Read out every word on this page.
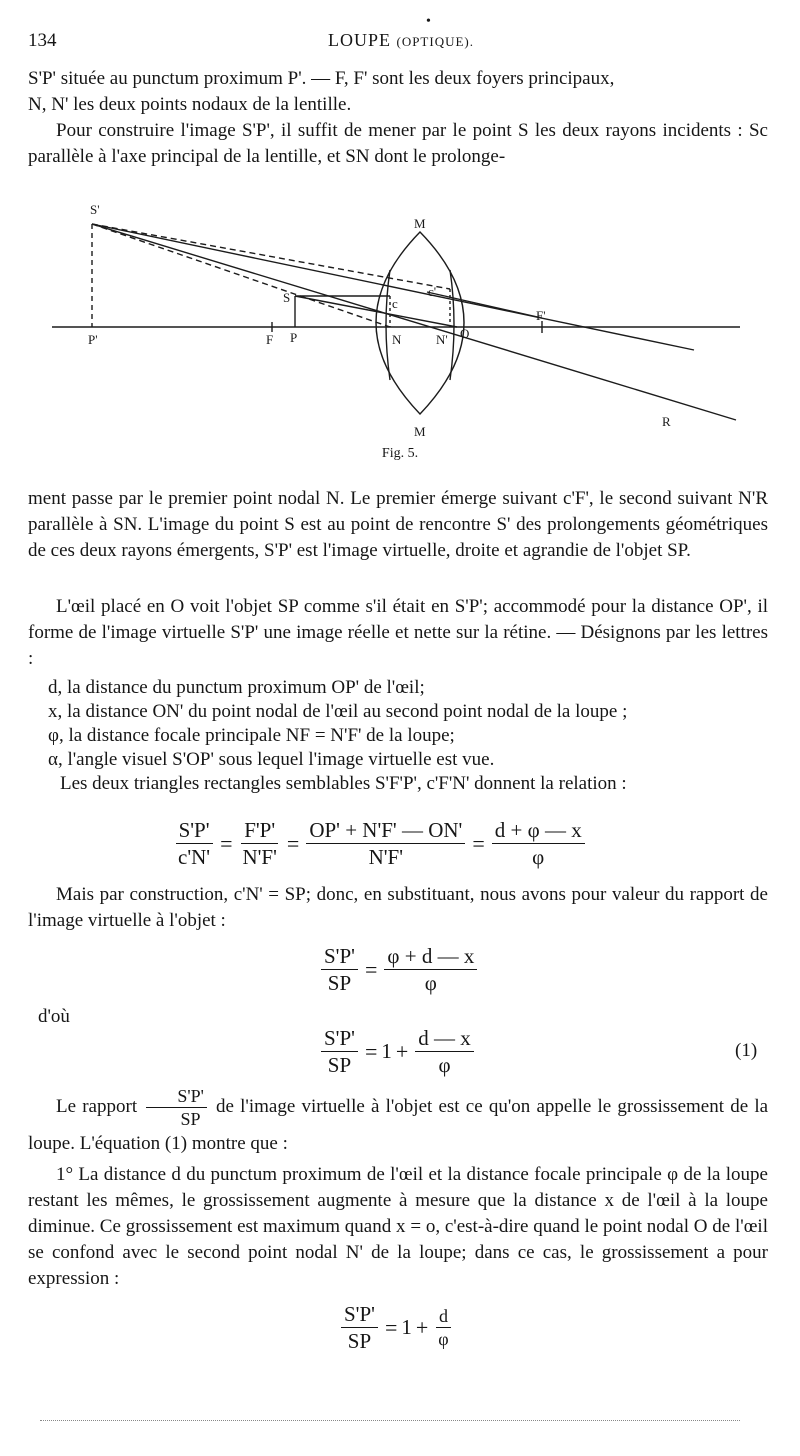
•
134	LOUPE (OPTIQUE).
S'P' située au punctum proximum P'. — F, F' sont les deux foyers principaux,
N, N' les deux points nodaux de la lentille.
Pour construire l'image S'P', il suffit de mener par le point S les deux rayons incidents : Sc parallèle à l'axe principal de la lentille, et SN dont le prolonge-
S'
S
P'	F P	N	N' O
F'
M
M
c
c'
R
Fig. 5.
ment passe par le premier point nodal N. Le premier émerge suivant c'F', le second suivant N'R parallèle à SN. L'image du point S est au point de rencontre S' des prolongements géométriques de ces deux rayons émergents, S'P' est l'image virtuelle, droite et agrandie de l'objet SP.
L'œil placé en O voit l'objet SP comme s'il était en S'P'; accommodé pour la distance OP', il forme de l'image virtuelle S'P' une image réelle et nette sur la rétine. — Désignons par les lettres :
d, la distance du punctum proximum OP' de l'œil;
x, la distance ON' du point nodal de l'œil au second point nodal de la loupe ;
φ, la distance focale principale NF = N'F' de la loupe;
α, l'angle visuel S'OP' sous lequel l'image virtuelle est vue.
Les deux triangles rectangles semblables S'F'P', c'F'N' donnent la relation :
$\frac{S'P'}{c'N'} = \frac{F'P'}{N'F'} = \frac{OP' + N'F' — ON'}{N'F'} = \frac{d + \varphi — x}{\varphi}$
Mais par construction, c'N' = SP; donc, en substituant, nous avons pour valeur du rapport de l'image virtuelle à l'objet :
$\frac{S'P'}{SP} = \frac{\varphi + d — x}{\varphi}$
d'où
$\frac{S'P'}{SP} = 1 + \frac{d — x}{\varphi}$	(1)
Le rapport $\frac{S'P'}{SP}$ de l'image virtuelle à l'objet est ce qu'on appelle le grossissement de la loupe. L'équation (1) montre que :
1° La distance d du punctum proximum de l'œil et la distance focale principale φ de la loupe restant les mêmes, le grossissement augmente à mesure que la distance x de l'œil à la loupe diminue. Ce grossissement est maximum quand x = o, c'est-à-dire quand le point nodal O de l'œil se confond avec le second point nodal N' de la loupe; dans ce cas, le grossissement a pour expression :
$\frac{S'P'}{SP} = 1 + \frac{d}{\varphi}$
